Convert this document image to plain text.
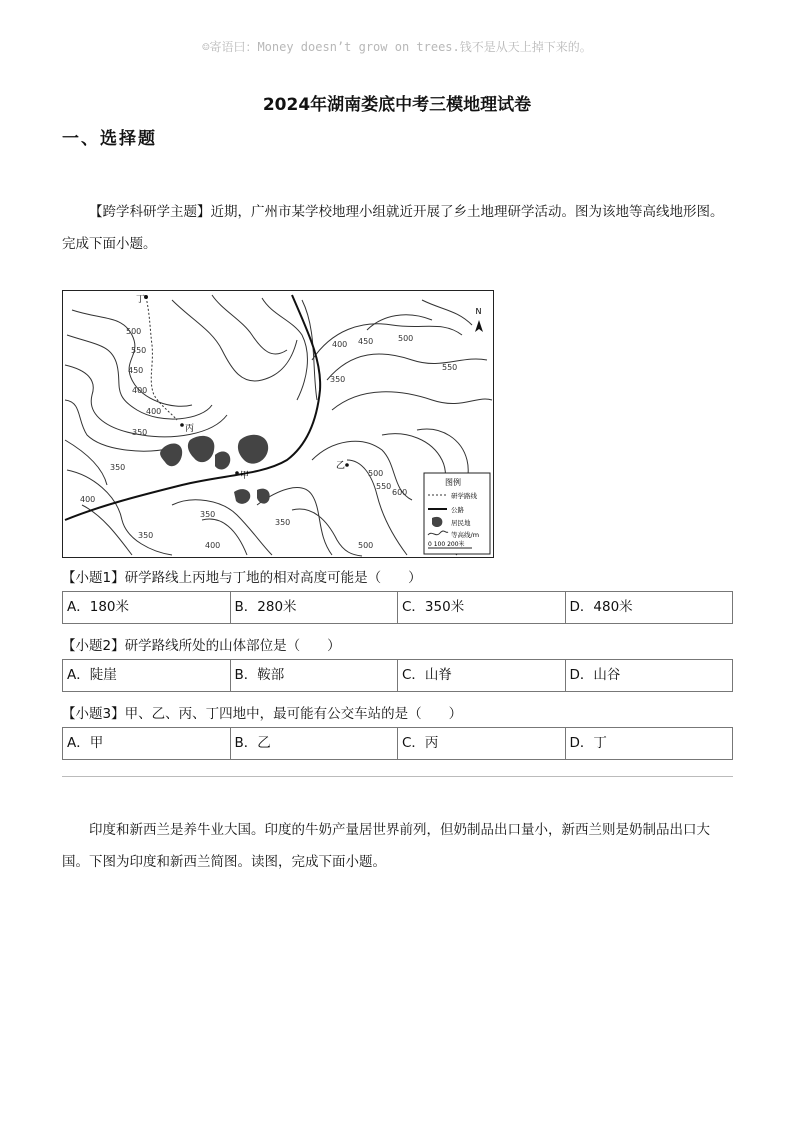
☺寄语曰：Money doesn’t grow on trees.钱不是从天上掉下来的。
2024年湖南娄底中考三模地理试卷
一、选择题

【跨学科研学主题】近期，广州市某学校地理小组就近开展了乡土地理研学活动。图为该地等高线地形图。完成下面小题。

丁
丙
甲
乙
N
500
550
450
400
400
350
350
400
350
350
400
350
400 450	500
550
350
500
550
600
500
图例
研学路线
公路
居民地
等高线/m
0 100 200米
【小题1】研学路线上丙地与丁地的相对高度可能是（　　）
A．180米	B．280米	C．350米	D．480米
【小题2】研学路线所处的山体部位是（　　）
A．陡崖	B．鞍部	C．山脊	D．山谷
【小题3】甲、乙、丙、丁四地中，最可能有公交车站的是（　　）
A．甲	B．乙	C．丙	D．丁

印度和新西兰是养牛业大国。印度的牛奶产量居世界前列，但奶制品出口量小，新西兰则是奶制品出口大国。下图为印度和新西兰简图。读图，完成下面小题。
